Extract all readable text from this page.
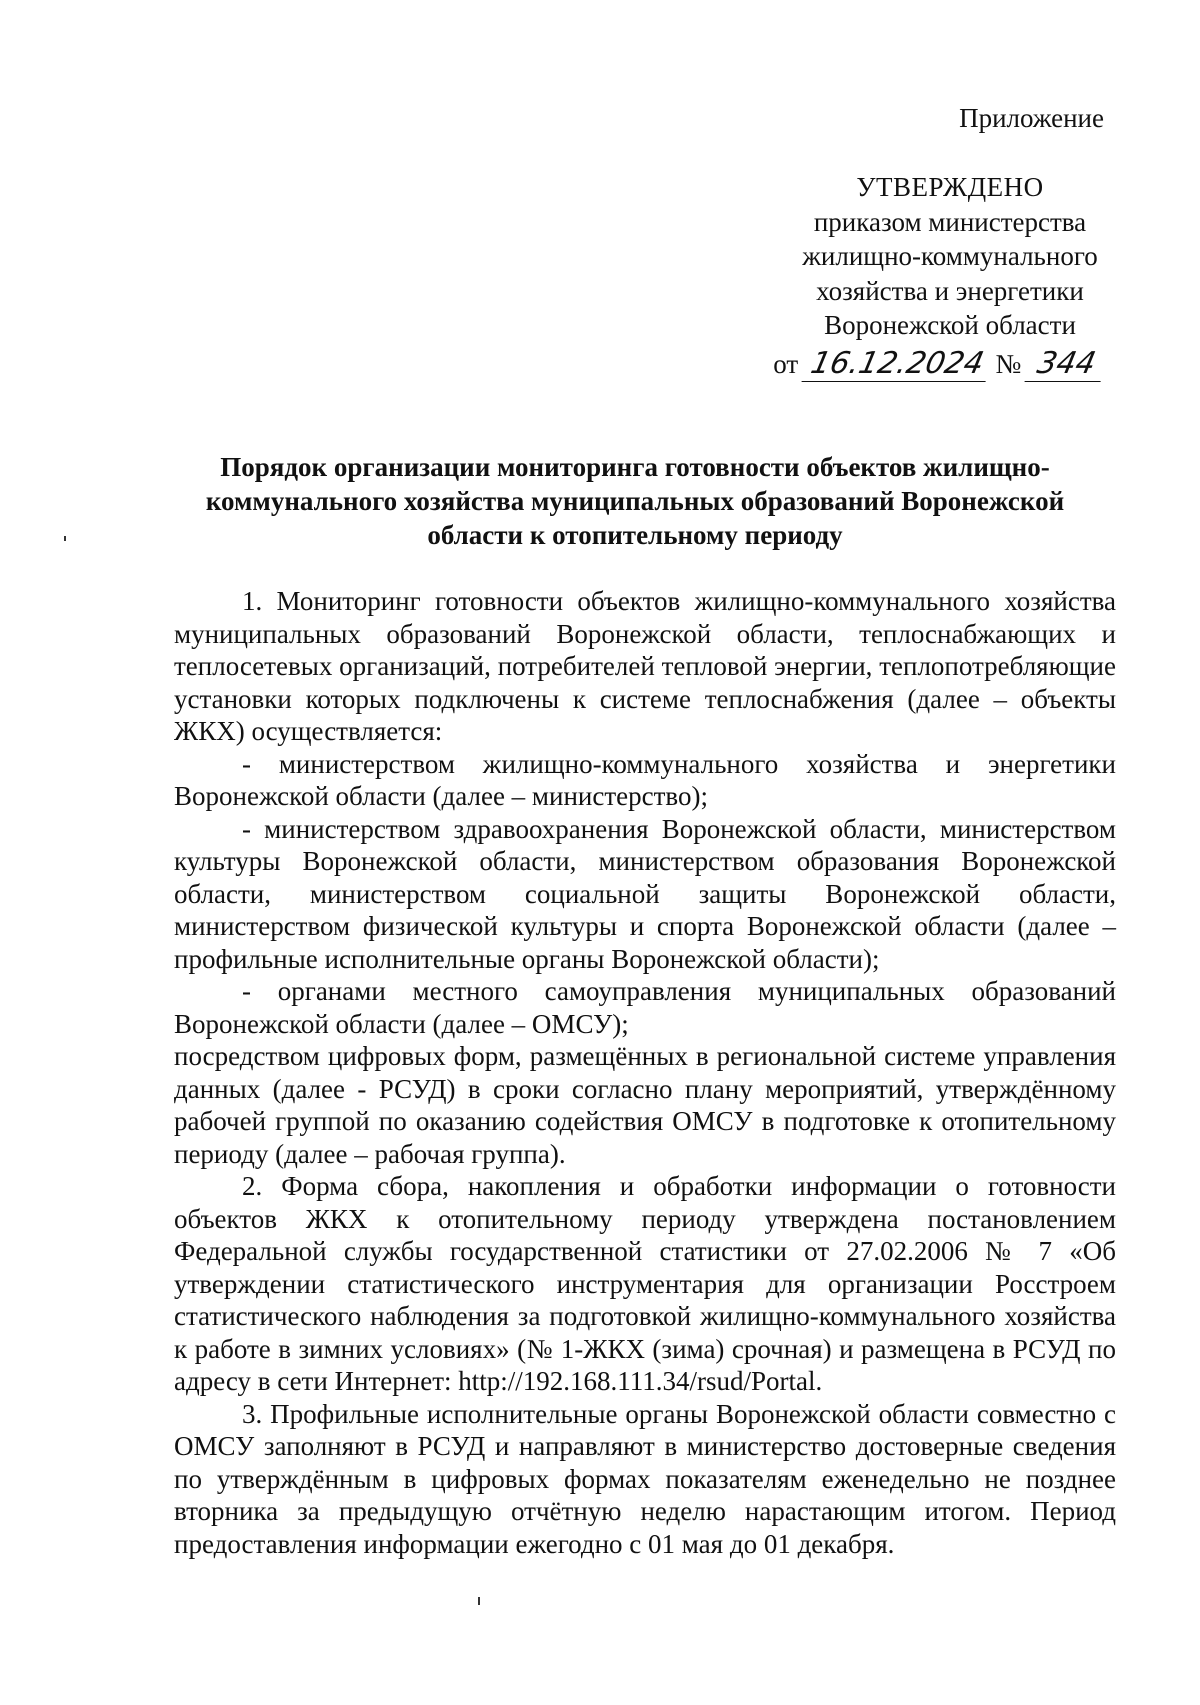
Приложение
УТВЕРЖДЕНО
приказом министерства
жилищно-коммунального
хозяйства и энергетики
Воронежской области
от 16.12.2024 № 344
Порядок организации мониторинга готовности объектов жилищно-коммунального хозяйства муниципальных образований Воронежской области к отопительному периоду

1. Мониторинг готовности объектов жилищно-коммунального хозяйства муниципальных образований Воронежской области, теплоснабжающих и теплосетевых организаций, потребителей тепловой энергии, теплопотребляющие установки которых подключены к системе теплоснабжения (далее – объекты ЖКХ) осуществляется:

- министерством жилищно-коммунального хозяйства и энергетики Воронежской области (далее – министерство);

- министерством здравоохранения Воронежской области, министерством культуры Воронежской области, министерством образования Воронежской области, министерством социальной защиты Воронежской области, министерством физической культуры и спорта Воронежской области (далее – профильные исполнительные органы Воронежской области);

- органами местного самоуправления муниципальных образований Воронежской области (далее – ОМСУ);

посредством цифровых форм, размещённых в региональной системе управления данных (далее - РСУД) в сроки согласно плану мероприятий, утверждённому рабочей группой по оказанию содействия ОМСУ в подготовке к отопительному периоду (далее – рабочая группа).

2. Форма сбора, накопления и обработки информации о готовности объектов ЖКХ к отопительному периоду утверждена постановлением Федеральной службы государственной статистики от 27.02.2006 № 7 «Об утверждении статистического инструментария для организации Росстроем статистического наблюдения за подготовкой жилищно-коммунального хозяйства к работе в зимних условиях» (№ 1-ЖКХ (зима) срочная) и размещена в РСУД по адресу в сети Интернет: http://192.168.111.34/rsud/Portal.

3. Профильные исполнительные органы Воронежской области совместно с ОМСУ заполняют в РСУД и направляют в министерство достоверные сведения по утверждённым в цифровых формах показателям еженедельно не позднее вторника за предыдущую отчётную неделю нарастающим итогом. Период предоставления информации ежегодно с 01 мая до 01 декабря.
